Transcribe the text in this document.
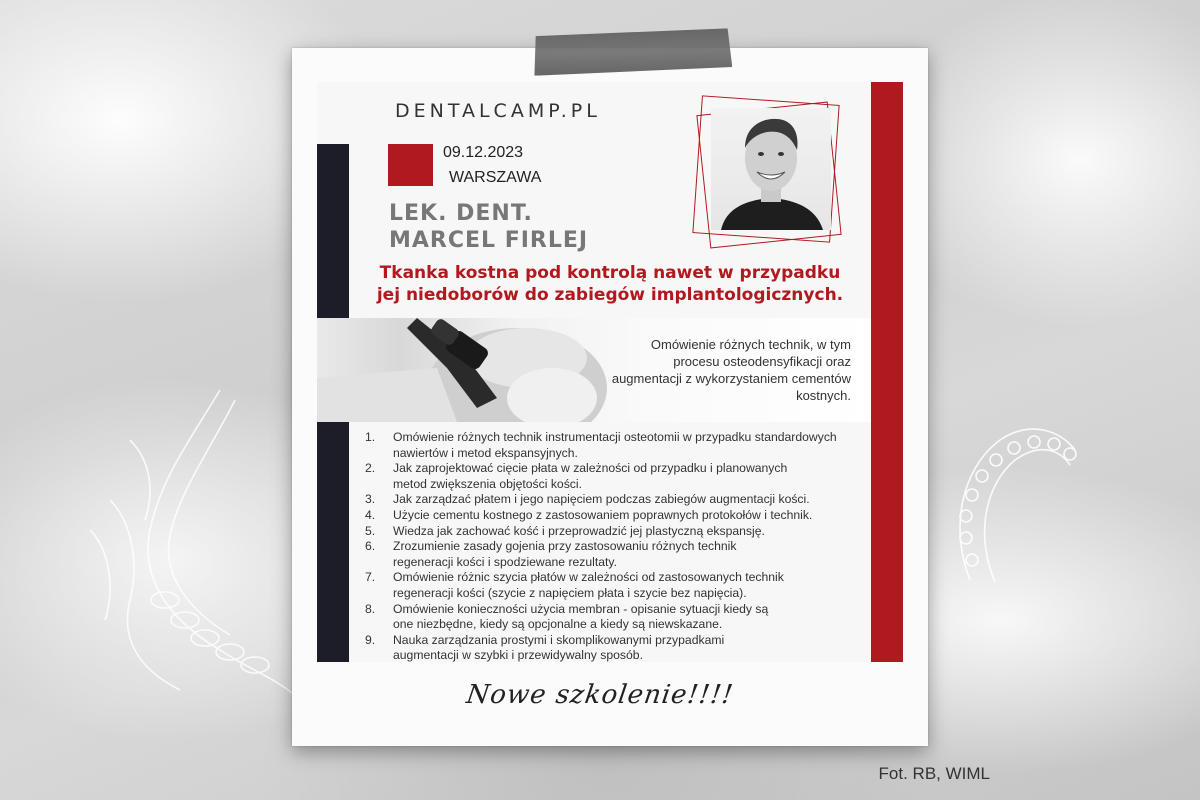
DENTALCAMP.PL
09.12.2023
WARSZAWA
LEK. DENT.
MARCEL FIRLEJ
Tkanka kostna pod kontrolą nawet w przypadku
jej niedoborów do zabiegów implantologicznych.
Omówienie różnych technik, w tym procesu osteodensyfikacji oraz augmentacji z wykorzystaniem cementów kostnych.
1. Omówienie różnych technik instrumentacji osteotomii w przypadku standardowych
nawiertów i metod ekspansyjnych.
2. Jak zaprojektować cięcie płata w zależności od przypadku i planowanych
metod zwiększenia objętości kości.
3. Jak zarządzać płatem i jego napięciem podczas zabiegów augmentacji kości.
4. Użycie cementu kostnego z zastosowaniem poprawnych protokołów i technik.
5. Wiedza jak zachować kość i przeprowadzić jej plastyczną ekspansję.
6. Zrozumienie zasady gojenia przy zastosowaniu różnych technik
regeneracji kości i spodziewane rezultaty.
7. Omówienie różnic szycia płatów w zależności od zastosowanych technik
regeneracji kości (szycie z napięciem płata i szycie bez napięcia).
8. Omówienie konieczności użycia membran - opisanie sytuacji kiedy są
one niezbędne, kiedy są opcjonalne a kiedy są niewskazane.
9. Nauka zarządzania prostymi i skomplikowanymi przypadkami
augmentacji w szybki i przewidywalny sposób.
Nowe szkolenie!!!!
Fot. RB, WIML
